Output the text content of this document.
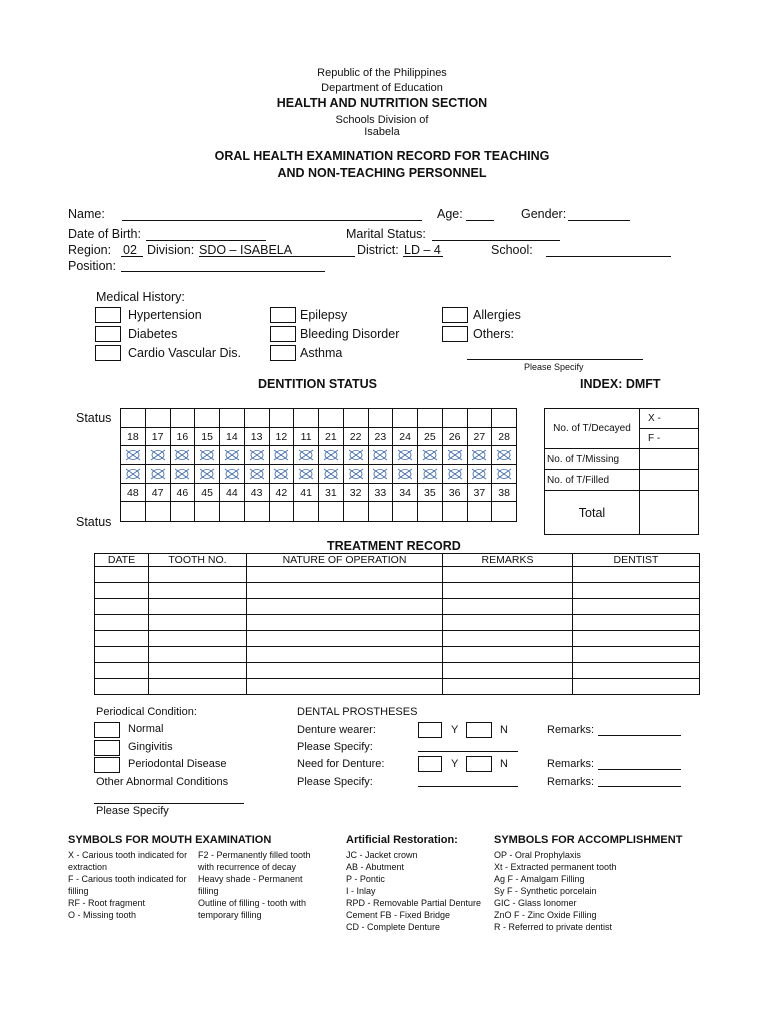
Republic of the Philippines
Department of Education
HEALTH AND NUTRITION SECTION
Schools Division of
Isabela
ORAL HEALTH EXAMINATION RECORD FOR TEACHING
AND NON-TEACHING PERSONNEL
Name:	Age:	Gender:
Date of Birth:	Marital Status:
Region: 02 Division: SDO – ISABELA	District: LD – 4	School:
Position:
Medical History:
Hypertension
Diabetes
Cardio Vascular Dis.
Epilepsy
Bleeding Disorder
Asthma
Allergies
Others:
Please Specify
DENTITION STATUS	INDEX: DMFT
Status
Status

18	17	16	15	14	13	12	11	21	22	23	24	25	26	27	28

48	47	46	45	44	43	42	41	31	32	33	34	35	36	37	38

No. of T/Decayed	X -
	F -
No. of T/Missing	
No. of T/Filled	
Total	
TREATMENT RECORD
DATE	TOOTH NO.	NATURE OF OPERATION	REMARKS	DENTIST

Periodical Condition:
Normal
Gingivitis
Periodontal Disease
Other Abnormal Conditions
Please Specify
DENTAL PROSTHESES
Denture wearer:	Y	N	Remarks:
Please Specify:
Need for Denture:	Y	N	Remarks:
Please Specify:	Remarks:
SYMBOLS FOR MOUTH EXAMINATION
X - Carious tooth indicated for extraction
F - Carious tooth indicated for filling
RF - Root fragment
O - Missing tooth
F2 - Permanently filled tooth with recurrence of decay
Heavy shade - Permanent filling
Outline of filling - tooth with temporary filling
Artificial Restoration:
JC - Jacket crown
AB - Abutment
P - Pontic
I - Inlay
RPD - Removable Partial Denture
Cement FB - Fixed Bridge
CD - Complete Denture
SYMBOLS FOR ACCOMPLISHMENT
OP - Oral Prophylaxis
Xt - Extracted permanent tooth
Ag F - Amalgam Filling
Sy F - Synthetic porcelain
GIC - Glass Ionomer
ZnO F - Zinc Oxide Filling
R - Referred to private dentist
